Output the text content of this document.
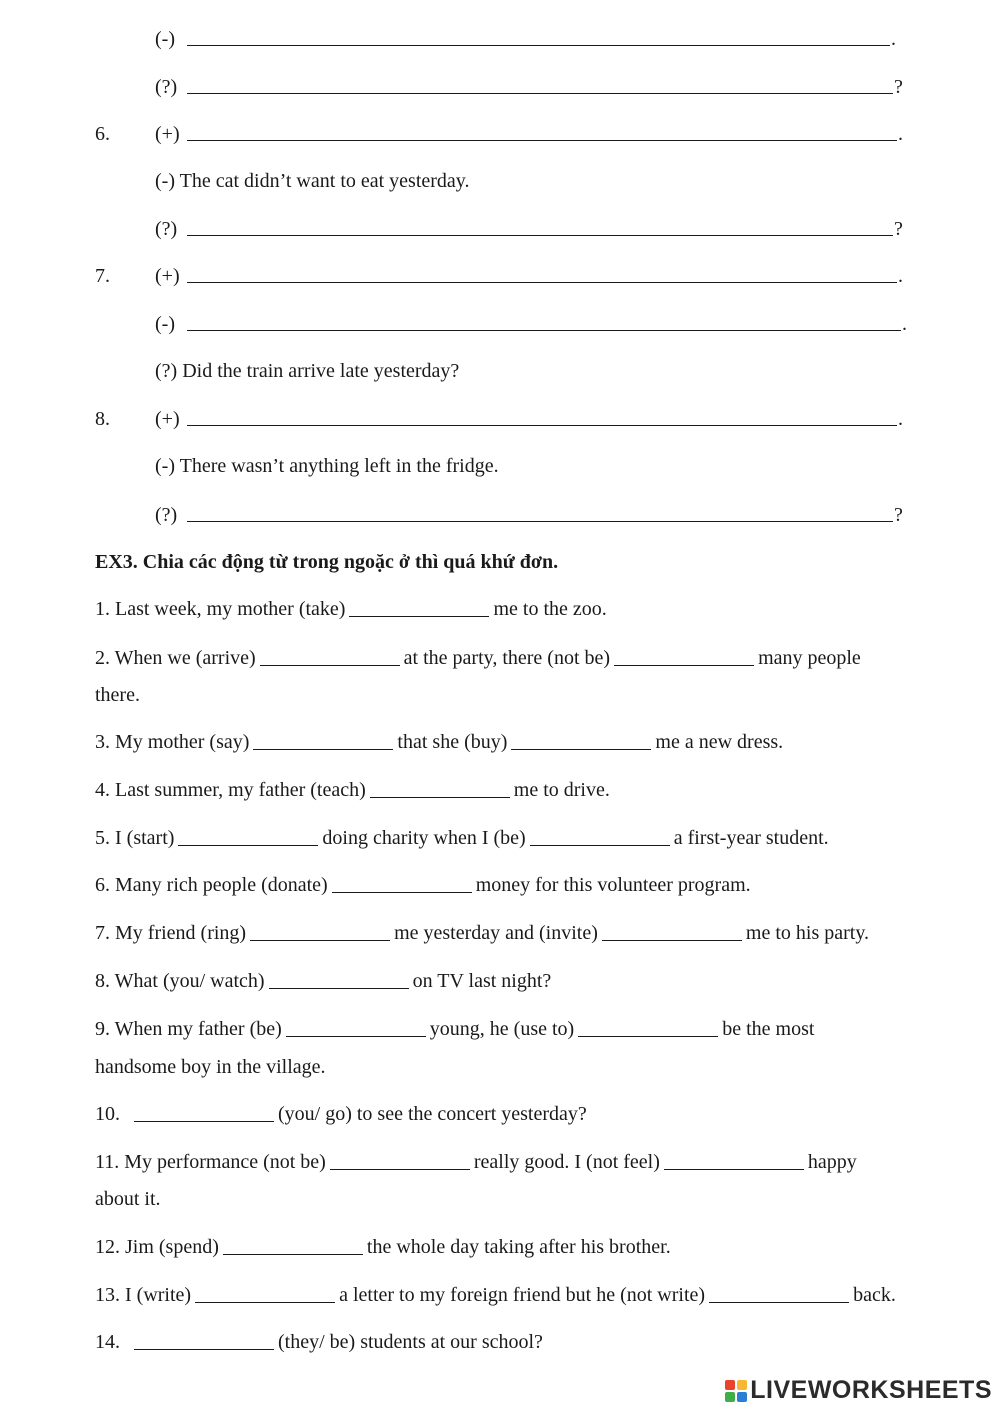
(-)	.
(?)	?
6. (+)	.
(-) The cat didn’t want to eat yesterday.
(?)	?
7. (+)	.
(-)	.
(?) Did the train arrive late yesterday?
8. (+)	.
(-) There wasn’t anything left in the fridge.
(?)	?
EX3. Chia các động từ trong ngoặc ở thì quá khứ đơn.
1. Last week, my mother (take)	me to the zoo.
2. When we (arrive)	at the party, there (not be)	many people
there.
3. My mother (say)	that she (buy)	me a new dress.
4. Last summer, my father (teach)	me to drive.
5. I (start)	doing charity when I (be)	a first-year student.
6. Many rich people (donate)	money for this volunteer program.
7. My friend (ring)	me yesterday and (invite)	me to his party.
8. What (you/ watch)	on TV last night?
9. When my father (be)	young, he (use to)	be the most
handsome boy in the village.
10.	(you/ go) to see the concert yesterday?
11. My performance (not be)	really good. I (not feel)	happy
about it.
12. Jim (spend)	the whole day taking after his brother.
13. I (write)	a letter to my foreign friend but he (not write)	back.
14.	(they/ be) students at our school?
LIVEWORKSHEETS
